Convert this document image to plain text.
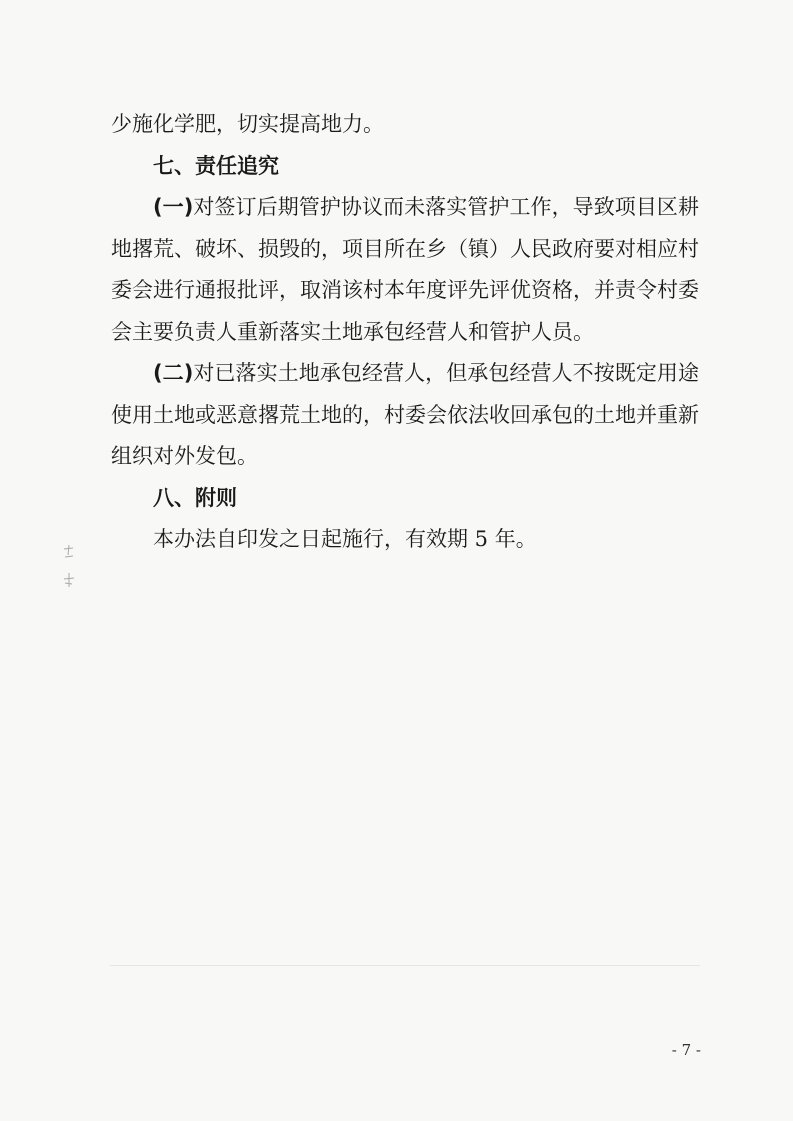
少施化学肥，切实提高地力。

七、责任追究

(一)对签订后期管护协议而未落实管护工作，导致项目区耕地撂荒、破坏、损毁的，项目所在乡（镇）人民政府要对相应村委会进行通报批评，取消该村本年度评先评优资格，并责令村委会主要负责人重新落实土地承包经营人和管护人员。

(二)对已落实土地承包经营人，但承包经营人不按既定用途使用土地或恶意撂荒土地的，村委会依法收回承包的土地并重新组织对外发包。

八、附则

本办法自印发之日起施行，有效期 5 年。

- 7 -
